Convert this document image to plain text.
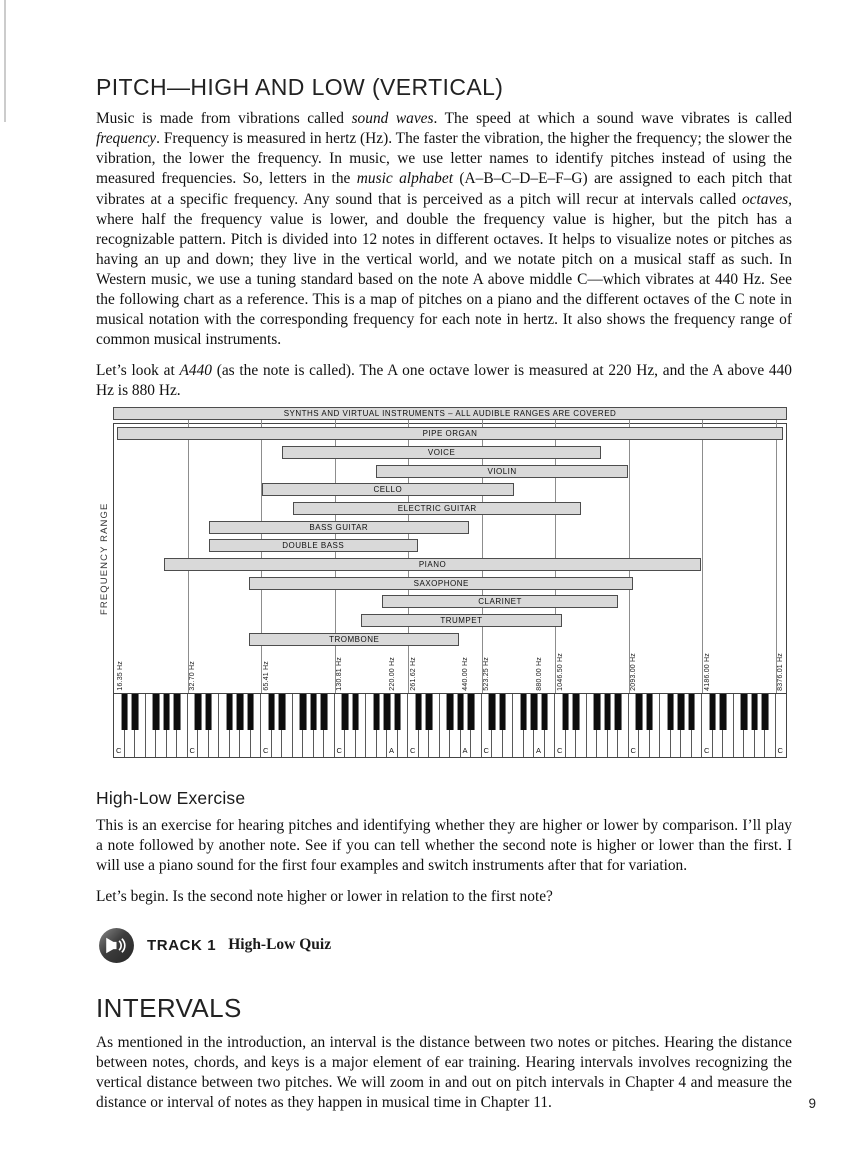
PITCH—HIGH AND LOW (VERTICAL)

Music is made from vibrations called sound waves. The speed at which a sound wave vibrates is called frequency. Frequency is measured in hertz (Hz). The faster the vibration, the higher the frequency; the slower the vibration, the lower the frequency. In music, we use letter names to identify pitches instead of using the measured frequencies. So, letters in the music alphabet (A–B–C–D–E–F–G) are assigned to each pitch that vibrates at a specific frequency. Any sound that is perceived as a pitch will recur at intervals called octaves, where half the frequency value is lower, and double the frequency value is higher, but the pitch has a recognizable pattern. Pitch is divided into 12 notes in different octaves. It helps to visualize notes or pitches as having an up and down; they live in the vertical world, and we notate pitch on a musical staff as such. In Western music, we use a tuning standard based on the note A above middle C—which vibrates at 440 Hz. See the following chart as a reference. This is a map of pitches on a piano and the different octaves of the C note in musical notation with the corresponding frequency for each note in hertz. It also shows the frequency range of common musical instruments.

Let’s look at A440 (as the note is called). The A one octave lower is measured at 220 Hz, and the A above 440 Hz is 880 Hz.

SYNTHS AND VIRTUAL INSTRUMENTS – ALL AUDIBLE RANGES ARE COVERED
FREQUENCY RANGE
PIPE ORGAN
VOICE
VIOLIN
CELLO
ELECTRIC GUITAR
BASS GUITAR
DOUBLE BASS
PIANO
SAXOPHONE
CLARINET
TRUMPET
TROMBONE
16.35 Hz	32.70 Hz	65.41 Hz	130.81 Hz	220.00 Hz 261.62 Hz	440.00 Hz 523.25 Hz	880.00 Hz 1046.50 Hz	2093.00 Hz	4186.00 Hz	8376.01 Hz
C	C	C	C	A C	A C	A C	C	C	C
High-Low Exercise

This is an exercise for hearing pitches and identifying whether they are higher or lower by comparison. I’ll play a note followed by another note. See if you can tell whether the second note is higher or lower than the first. I will use a piano sound for the first four examples and switch instruments after that for variation.

Let’s begin. Is the second note higher or lower in relation to the first note?

TRACK 1 High-Low Quiz
INTERVALS

As mentioned in the introduction, an interval is the distance between two notes or pitches. Hearing the distance between notes, chords, and keys is a major element of ear training. Hearing intervals involves recognizing the vertical distance between two pitches. We will zoom in and out on pitch intervals in Chapter 4 and measure the distance or interval of notes as they happen in musical time in Chapter 11.	9
